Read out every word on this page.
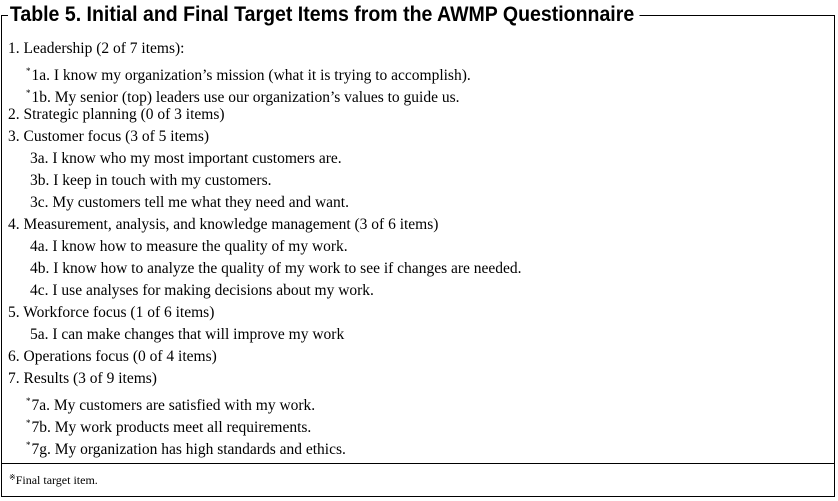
Table 5. Initial and Final Target Items from the AWMP Questionnaire
1. Leadership (2 of 7 items):
*1a. I know my organization’s mission (what it is trying to accomplish).
*1b. My senior (top) leaders use our organization’s values to guide us.
2. Strategic planning (0 of 3 items)
3. Customer focus (3 of 5 items)
3a. I know who my most important customers are.
3b. I keep in touch with my customers.
3c. My customers tell me what they need and want.
4. Measurement, analysis, and knowledge management (3 of 6 items)
4a. I know how to measure the quality of my work.
4b. I know how to analyze the quality of my work to see if changes are needed.
4c. I use analyses for making decisions about my work.
5. Workforce focus (1 of 6 items)
5a. I can make changes that will improve my work
6. Operations focus (0 of 4 items)
7. Results (3 of 9 items)
*7a. My customers are satisfied with my work.
*7b. My work products meet all requirements.
*7g. My organization has high standards and ethics.
※Final target item.
